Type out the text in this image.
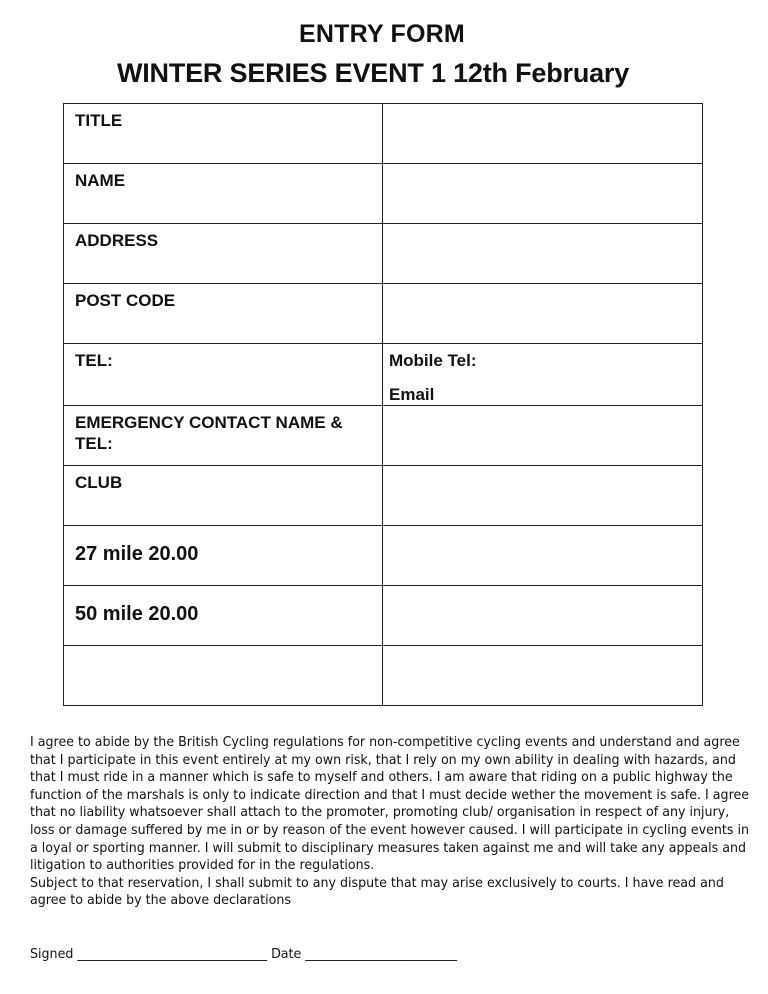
ENTRY FORM
WINTER SERIES EVENT 1 12th February
TITLE	
NAME	
ADDRESS	
POST CODE	
TEL:	Mobile Tel:
Email

EMERGENCY CONTACT NAME & TEL:	
CLUB	
27 mile 20.00	
50 mile 20.00	

I agree to abide by the British Cycling regulations for non-competitive cycling events and understand and agree that I participate in this event entirely at my own risk, that I rely on my own ability in dealing with hazards, and that I must ride in a manner which is safe to myself and others. I am aware that riding on a public highway the function of the marshals is only to indicate direction and that I must decide wether the movement is safe. I agree that no liability whatsoever shall attach to the promoter, promoting club/ organisation in respect of any injury, loss or damage suffered by me in or by reason of the event however caused. I will participate in cycling events in a loyal or sporting manner. I will submit to disciplinary measures taken against me and will take any appeals and litigation to authorities provided for in the regulations.

Subject to that reservation, I shall submit to any dispute that may arise exclusively to courts. I have read and agree to abide by the above declarations

Signed ______________________________ Date ________________________
